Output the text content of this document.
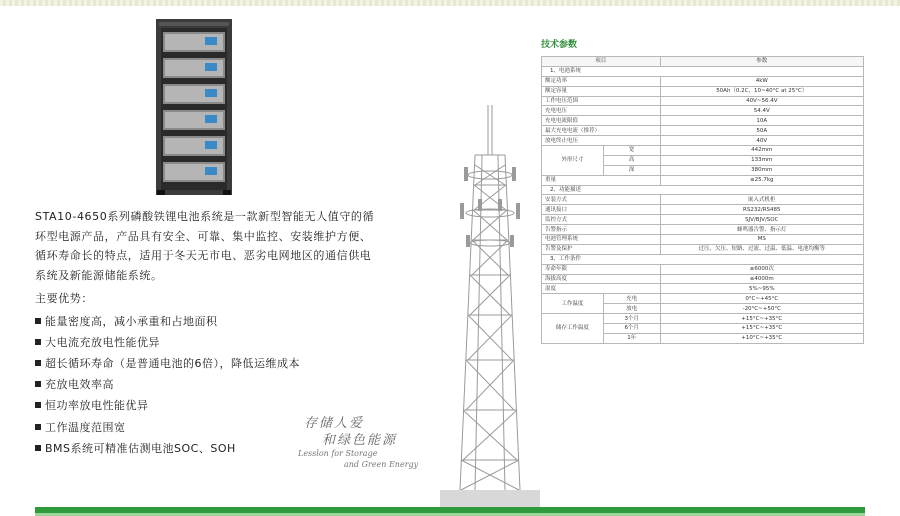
STA10-4650系列磷酸铁锂电池系统是一款新型智能无人值守的循环型电源产品，产品具有安全、可靠、集中监控、安装维护方便、循环寿命长的特点，适用于冬天无市电、恶劣电网地区的通信供电系统及新能源储能系统。
主要优势：
能量密度高，减小承重和占地面积
大电流充放电性能优异
超长循环寿命（是普通电池的6倍），降低运维成本
充放电效率高
恒功率放电性能优异
工作温度范围宽
BMS系统可精准估测电池SOC、SOH
存储人爱
和绿色能源
Lesslon for Storage
and Green Energy
技术参数
项目		参数
1、电池系统		
额定功率		4kW
额定容量		50Ah（0.2C，10~40°C at 25°C）
工作电压范围		40V~56.4V
充电电压		54.4V
充电电流限值		10A
最大充电电流（推荐）		50A
放电终止电压		40V
外形尺寸	宽	442mm
	高	133mm
	深	380mm
重量		≤25.7kg
2、功能描述		
安装方式		嵌入式机柜
通讯接口		RS232/RS485
监控方式		SJV/BJV/SOC
告警指示		蜂鸣器告警、指示灯
电池管理系统		MS
告警及保护		过压、欠压、短路、过流、过温、低温、电池均衡等
3、工作条件		
寿命年限		≥6000次
海拔高度		≤4000m
湿度		5%~95%
工作温度	充电	0°C~+45°C
	放电	-20°C~+50°C
储存工作温度	3个月	+15°C~+35°C
	6个月	+15°C~+35°C
	1年	+10°C~+35°C
